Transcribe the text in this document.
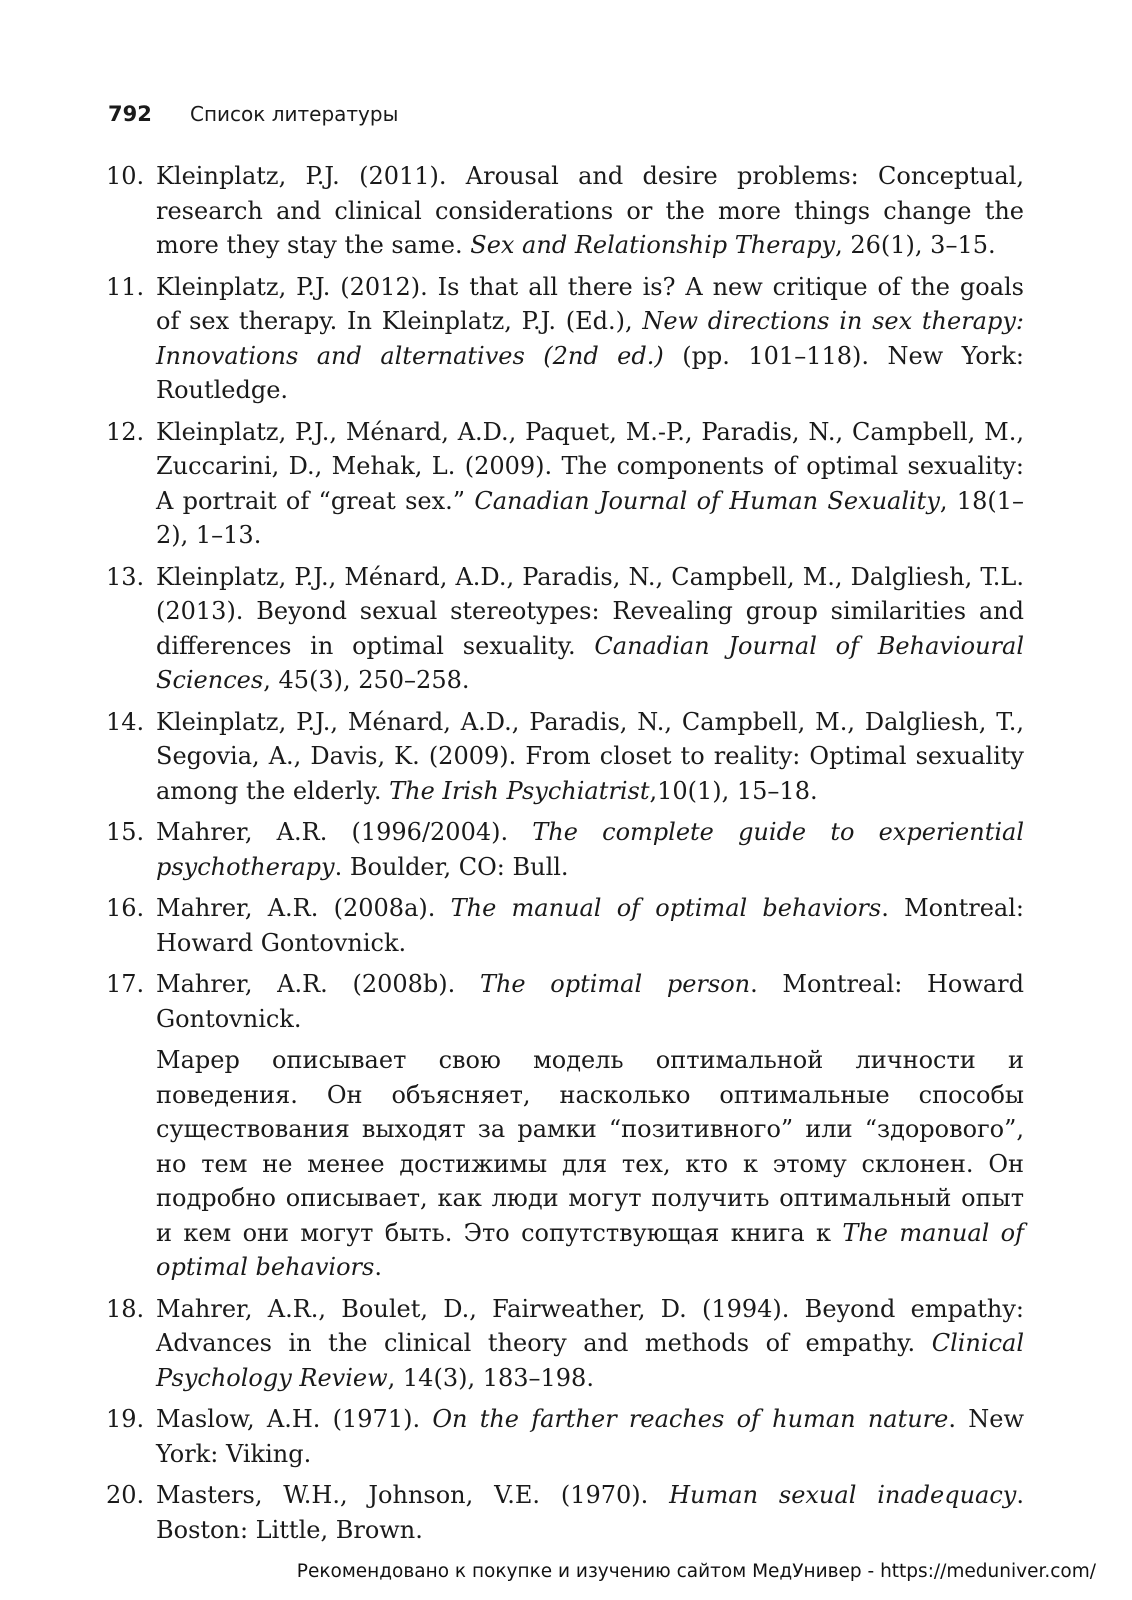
792 Список литературы
10. Kleinplatz, P.J. (2011). Arousal and desire problems: Conceptual, research and clinical considerations or the more things change the more they stay the same. Sex and Relationship Therapy, 26(1), 3–15.
11. Kleinplatz, P.J. (2012). Is that all there is? A new critique of the goals of sex therapy. In Kleinplatz, P.J. (Ed.), New directions in sex therapy: Innovations and alternatives (2nd ed.) (pp. 101–118). New York: Routledge.
12. Kleinplatz, P.J., Ménard, A.D., Paquet, M.-P., Paradis, N., Campbell, M., Zuccarini, D., Mehak, L. (2009). The components of optimal sexuality: A portrait of “great sex.” Canadian Journal of Human Sexuality, 18(1–2), 1–13.
13. Kleinplatz, P.J., Ménard, A.D., Paradis, N., Campbell, M., Dalgliesh, T.L. (2013). Beyond sexual stereotypes: Revealing group similarities and differences in optimal sexuality. Canadian Journal of Behavioural Sciences, 45(3), 250–258.
14. Kleinplatz, P.J., Ménard, A.D., Paradis, N., Campbell, M., Dalgliesh, T., Segovia, A., Davis, K. (2009). From closet to reality: Optimal sexuality among the elderly. The Irish Psychiatrist,10(1), 15–18.
15. Mahrer, A.R. (1996/2004). The complete guide to experiential psychotherapy. Boulder, CO: Bull.
16. Mahrer, A.R. (2008a). The manual of optimal behaviors. Montreal: Howard Gontovnick.
17. Mahrer, A.R. (2008b). The optimal person. Montreal: Howard Gontovnick.
Марер описывает свою модель оптимальной личности и поведения. Он объясняет, насколько оптимальные способы существования выходят за рамки “позитивного” или “здорового”, но тем не менее достижимы для тех, кто к этому склонен. Он подробно описывает, как люди могут получить оптимальный опыт и кем они могут быть. Это сопутствующая книга к The manual of optimal behaviors.
18. Mahrer, A.R., Boulet, D., Fairweather, D. (1994). Beyond empathy: Advances in the clinical theory and methods of empathy. Clinical Psychology Review, 14(3), 183–198.
19. Maslow, A.H. (1971). On the farther reaches of human nature. New York: Viking.
20. Masters, W.H., Johnson, V.E. (1970). Human sexual inadequacy. Boston: Little, Brown.
Рекомендовано к покупке и изучению сайтом МедУнивер - https://meduniver.com/
